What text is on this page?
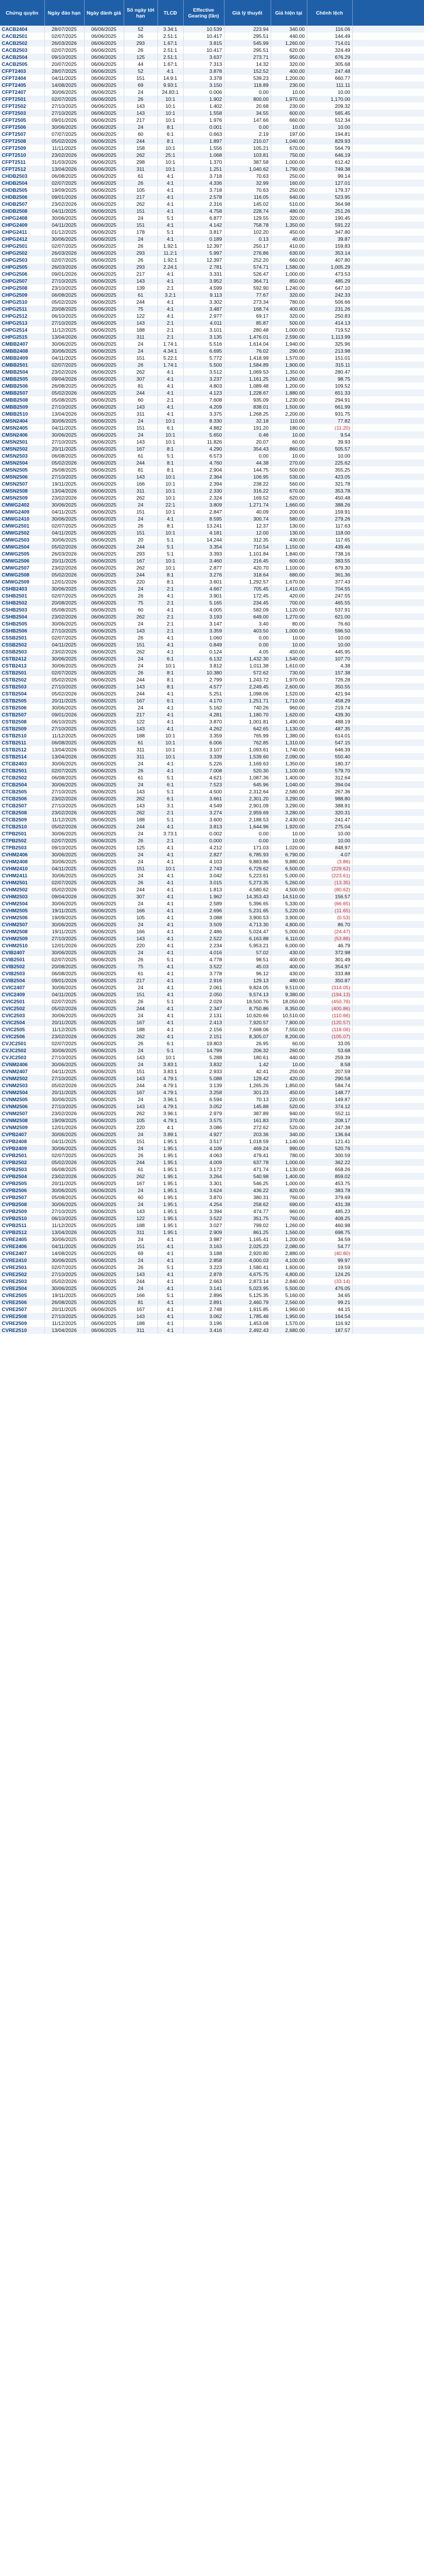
Chứng quyền	Ngày đáo hạn	Ngày đánh giá	Số ngày tới hạn	TLCĐ	Effective Gearing (lần)	Giá lý thuyết	Giá hiện tại	Chênh lệch	
CACB2404	28/07/2025	06/06/2025	52	3.34:1	10.539	223.94	340.00	116.06	
CACB2501	02/07/2025	06/06/2025	26	2.51:1	10.417	295.51	440.00	144.49	
CACB2502	26/03/2026	06/06/2025	293	1.67:1	3.815	545.99	1,260.00	714.01	
CACB2503	02/07/2025	06/06/2025	26	2.51:1	10.417	295.51	620.00	324.49	
CACB2504	09/10/2025	06/06/2025	125	2.51:1	3.637	273.71	950.00	676.29	
CACB2505	20/07/2025	06/06/2025	44	1.67:1	7.313	14.32	320.00	305.68	
CFPT2403	28/07/2025	06/06/2025	52	4:1	3.878	152.52	400.00	247.48	
CFPT2404	04/11/2025	06/06/2025	151	14.9:1	3.378	539.23	1,200.00	660.77	
CFPT2405	14/08/2025	06/06/2025	69	9.93:1	3.150	118.89	230.00	111.11	
CFPT2407	30/06/2025	06/06/2025	24	24.83:1	0.006	0.00	10.00	10.00	
CFPT2501	02/07/2025	06/06/2025	26	10:1	1.902	800.00	1,970.00	1,170.00	
CFPT2502	27/10/2025	06/06/2025	143	10:1	1.402	20.68	230.00	209.32	
CFPT2503	27/10/2025	06/06/2025	143	10:1	1.558	34.55	600.00	565.45	
CFPT2505	09/01/2026	06/06/2025	217	10:1	1.976	147.66	660.00	512.34	
CFPT2506	30/06/2025	06/06/2025	24	8:1	0.001	0.00	10.00	10.00	
CFPT2507	07/07/2025	06/06/2025	60	6:1	0.663	2.19	197.00	194.81	
CFPT2508	05/02/2026	06/06/2025	244	8:1	1.897	210.07	1,040.00	829.93	
CFPT2509	11/11/2025	06/06/2025	158	10:1	1.556	105.21	670.00	564.79	
CFPT2510	23/02/2026	06/06/2025	262	25:1	1.068	103.81	750.00	646.19	
CFPT2511	31/03/2026	06/06/2025	298	10:1	1.370	387.58	1,000.00	612.42	
CFPT2512	13/04/2026	06/06/2025	311	10:1	1.251	1,040.62	1,790.00	749.38	
CHDB2503	06/08/2025	06/06/2025	61	4:1	3.718	70.63	250.00	99.14	
CHDB2504	02/07/2025	06/06/2025	26	4:1	4.336	32.99	160.00	127.01	
CHDB2505	19/09/2025	06/06/2025	105	4:1	3.718	70.63	250.00	179.37	
CHDB2506	09/01/2026	06/06/2025	217	4:1	2.578	116.05	640.00	523.95	
CHDB2507	23/02/2026	06/06/2025	262	4:1	2.316	145.02	510.00	364.98	
CHDB2508	04/11/2025	06/06/2025	151	4:1	4.758	228.74	480.00	251.26	
CHPG2408	30/06/2025	06/06/2025	24	5:1	6.877	129.55	320.00	190.45	
CHPG2409	04/11/2025	06/06/2025	151	4:1	4.142	758.78	1,350.00	591.22	
CHPG2411	01/12/2025	06/06/2025	178	5:1	3.817	102.20	450.00	347.80	
CHPG2412	30/06/2025	06/06/2025	24	4:1	0.189	0.13	40.00	39.87	
CHPG2501	02/07/2025	06/06/2025	26	1.92:1	12.397	250.17	410.00	159.83	
CHPG2502	26/03/2026	06/06/2025	293	11.2:1	5.997	276.86	630.00	353.14	
CHPG2503	02/07/2025	06/06/2025	26	1.92:1	12.397	252.20	660.00	407.80	
CHPG2505	26/03/2026	06/06/2025	293	2.24:1	2.781	574.71	1,580.00	1,005.29	
CHPG2506	09/01/2026	06/06/2025	217	4:1	3.331	526.47	1,000.00	473.53	
CHPG2507	27/10/2025	06/06/2025	143	4:1	3.952	364.71	850.00	485.29	
CHPG2508	23/10/2025	06/06/2025	139	2:1	4.599	592.90	1,240.00	647.10	
CHPG2509	06/08/2025	06/06/2025	61	3.2:1	9.113	77.67	320.00	242.33	
CHPG2510	05/02/2026	06/06/2025	244	4:1	3.302	273.34	780.00	506.66	
CHPG2511	20/08/2025	06/06/2025	75	4:1	3.487	168.74	400.00	231.26	
CHPG2512	06/10/2025	06/06/2025	122	4:1	2.977	69.17	320.00	250.83	
CHPG2513	27/10/2025	06/06/2025	143	2:1	4.011	85.87	500.00	414.13	
CHPG2514	11/12/2025	06/06/2025	188	2:1	3.101	280.48	1,000.00	719.52	
CHPG2515	13/04/2026	06/06/2025	311	2:1	3.135	1,476.01	2,590.00	1,113.99	
CMBB2407	30/06/2025	06/06/2025	24	1.74:1	5.516	1,614.04	1,940.00	325.96	
CMBB2408	30/06/2025	06/06/2025	24	4.34:1	6.695	76.02	290.00	213.98	
CMBB2409	04/11/2025	06/06/2025	151	5.22:1	5.772	1,418.99	1,570.00	151.01	
CMBB2501	02/07/2025	06/06/2025	26	1.74:1	5.500	1,584.89	1,900.00	315.11	
CMBB2504	23/02/2026	06/06/2025	262	4:1	3.512	1,069.53	1,350.00	280.47	
CMBB2505	09/04/2026	06/06/2025	307	4:1	3.237	1,161.25	1,260.00	98.75	
CMBB2506	26/08/2025	06/06/2025	81	4:1	4.803	1,089.48	1,200.00	109.52	
CMBB2507	05/02/2026	06/06/2025	244	4:1	4.123	1,228.67	1,880.00	651.33	
CMBB2508	05/08/2025	06/06/2025	60	2:1	7.608	935.09	1,230.00	294.91	
CMBB2509	27/10/2025	06/06/2025	143	4:1	4.209	838.01	1,500.00	661.99	
CMBB2510	13/04/2026	06/06/2025	311	4:1	3.375	1,268.25	2,200.00	931.75	
CMSN2404	30/06/2025	06/06/2025	24	10:1	8.330	32.18	110.00	77.82	
CMSN2405	04/11/2025	06/06/2025	151	6:1	4.882	191.20	180.00	(11.20)	
CMSN2406	30/06/2025	06/06/2025	24	10:1	5.650	0.46	10.00	9.54	
CMSN2501	27/10/2025	06/06/2025	143	10:1	11.826	20.07	60.00	39.93	
CMSN2502	20/11/2025	06/06/2025	167	8:1	4.290	354.43	860.00	505.57	
CMSN2503	06/08/2025	06/06/2025	61	5:1	6.573	0.00	10.00	10.00	
CMSN2504	05/02/2026	06/06/2025	244	8:1	4.760	44.38	270.00	225.62	
CMSN2505	26/08/2025	06/06/2025	81	8:1	2.904	144.75	500.00	355.25	
CMSN2506	27/10/2025	06/06/2025	143	10:1	2.364	106.95	530.00	423.05	
CMSN2507	19/11/2025	06/06/2025	166	10:1	2.394	238.22	560.00	321.78	
CMSN2508	13/04/2026	06/06/2025	311	10:1	2.330	316.22	670.00	353.78	
CMSN2509	23/02/2026	06/06/2025	262	10:1	2.324	169.52	620.00	450.48	
CMWG2402	30/06/2025	06/06/2025	24	22:1	3.809	1,271.74	1,660.00	388.26	
CMWG2409	04/11/2025	06/06/2025	151	10:1	2.847	40.09	200.00	159.91	
CMWG2410	30/06/2025	06/06/2025	24	4:1	8.595	300.74	580.00	279.26	
CMWG2501	02/07/2025	06/06/2025	26	8:1	13.241	12.37	130.00	117.63	
CMWG2502	04/11/2025	06/06/2025	151	10:1	4.181	12.00	130.00	118.00	
CMWG2503	30/06/2025	06/06/2025	20	5:1	14.244	312.35	430.00	117.65	
CMWG2504	05/02/2026	06/06/2025	244	5:1	3.354	710.54	1,150.00	439.46	
CMWG2505	26/03/2026	06/06/2025	293	5:1	3.393	1,101.84	1,840.00	738.16	
CMWG2506	20/11/2025	06/06/2025	167	10:1	3.460	216.45	600.00	383.55	
CMWG2507	23/02/2026	06/06/2025	262	10:1	2.877	420.70	1,100.00	679.30	
CMWG2508	05/02/2026	06/06/2025	244	8:1	3.276	318.64	680.00	361.36	
CMWG2509	12/01/2026	06/06/2025	220	8:1	3.601	1,292.57	1,670.00	377.43	
CSHB2403	30/06/2025	06/06/2025	24	2:1	4.667	705.45	1,410.00	704.55	
CSHB2501	02/07/2025	06/06/2025	26	4:1	3.901	172.45	420.00	247.55	
CSHB2502	20/08/2025	06/06/2025	75	2:1	5.165	234.45	700.00	465.55	
CSHB2503	05/08/2025	06/06/2025	60	4:1	4.005	582.09	1,120.00	537.91	
CSHB2504	23/02/2026	06/06/2025	262	2:1	3.193	649.00	1,270.00	621.00	
CSHB2505	30/06/2025	06/06/2025	24	2:1	3.147	3.40	80.00	76.60	
CSHB2506	27/10/2025	06/06/2025	143	2:1	3.359	403.50	1,000.00	596.50	
CSSB2501	02/07/2025	06/06/2025	26	4:1	1.060	0.00	10.00	10.00	
CSSB2502	04/11/2025	06/06/2025	151	4:1	0.849	0.00	10.00	10.00	
CSSB2503	23/02/2026	06/06/2025	262	4:1	0.124	4.05	450.00	445.95	
CSTB2412	30/06/2025	06/06/2025	24	6:1	6.132	1,432.30	1,540.00	107.70	
CSTB2413	30/06/2025	06/06/2025	24	10:1	3.812	1,011.38	1,610.00	4.38	
CSTB2501	02/07/2025	06/06/2025	26	8:1	10.380	572.62	730.00	157.38	
CSTB2502	05/02/2026	06/06/2025	244	8:1	2.799	1,243.72	1,970.00	726.28	
CSTB2503	27/10/2025	06/06/2025	143	8:1	4.577	2,249.45	2,600.00	350.55	
CSTB2504	05/02/2026	06/06/2025	244	4:1	5.251	1,098.06	1,520.00	421.94	
CSTB2505	20/11/2025	06/06/2025	167	6:1	4.170	1,251.71	1,710.00	458.29	
CSTB2506	30/06/2025	06/06/2025	24	4:1	5.162	740.26	960.00	219.74	
CSTB2507	09/01/2026	06/06/2025	217	4:1	4.281	1,180.70	1,620.00	439.30	
CSTB2508	06/10/2025	06/06/2025	122	4:1	3.870	1,001.81	1,490.00	488.19	
CSTB2509	27/10/2025	06/06/2025	143	4:1	4.262	642.65	1,130.00	487.35	
CSTB2510	11/12/2025	06/06/2025	188	10:1	3.359	765.99	1,380.00	614.01	
CSTB2511	06/08/2025	06/06/2025	61	10:1	6.006	762.85	1,310.00	547.15	
CSTB2512	13/04/2026	06/06/2025	311	10:1	3.107	1,093.61	1,740.00	646.39	
CSTB2514	13/04/2026	06/06/2025	311	10:1	3.339	1,539.60	2,090.00	550.40	
CTCB2403	30/06/2025	06/06/2025	24	4:1	5.226	1,169.63	1,350.00	180.37	
CTCB2501	02/07/2025	06/06/2025	26	4:1	7.008	520.30	1,100.00	579.70	
CTCB2502	06/08/2025	06/06/2025	61	5:1	4.621	1,087.36	1,400.00	312.64	
CTCB2504	30/06/2025	06/06/2025	24	6:1	7.523	645.96	1,040.00	394.04	
CTCB2505	27/10/2025	06/06/2025	143	5:1	4.500	2,312.64	2,580.00	267.36	
CTCB2506	23/02/2026	06/06/2025	262	6:1	3.661	2,301.20	3,290.00	988.80	
CTCB2507	27/10/2025	06/06/2025	143	3:1	4.549	2,901.09	3,290.00	388.91	
CTCB2508	23/02/2026	06/06/2025	262	2:1	3.274	2,959.69	3,280.00	320.31	
CTCB2509	11/12/2025	06/06/2025	188	5:1	3.600	2,188.53	2,430.00	241.47	
CTCB2510	05/02/2026	06/06/2025	244	4:1	3.813	1,644.96	1,920.00	275.04	
CTPB2501	30/06/2025	06/06/2025	24	3.73:1	0.002	0.00	10.00	10.00	
CTPB2502	02/07/2025	06/06/2025	26	2:1	0.000	0.00	10.00	10.00	
CTPB2503	09/10/2025	06/06/2025	125	4:1	4.212	171.03	1,020.00	848.97	
CVHM2406	30/06/2025	06/06/2025	24	4:1	2.827	6,785.93	6,790.00	4.07	
CVHM2408	30/06/2025	06/06/2025	24	4:1	4.103	9,883.86	9,880.00	(3.86)	
CVHM2410	04/11/2025	06/06/2025	151	10:1	2.743	6,729.62	6,500.00	(229.62)	
CVHM2411	30/06/2025	06/06/2025	24	4:1	3.042	5,223.61	5,000.00	(223.61)	
CVHM2501	02/07/2025	06/06/2025	26	4:1	3.015	5,273.35	5,260.00	(13.35)	
CVHM2502	05/02/2026	06/06/2025	244	4:1	1.813	4,580.62	4,500.00	(80.62)	
CVHM2503	09/04/2026	06/06/2025	307	4:1	1.962	14,353.43	14,510.00	156.57	
CVHM2504	30/06/2025	06/06/2025	24	4:1	2.589	5,396.65	5,330.00	(66.65)	
CVHM2505	19/11/2025	06/06/2025	166	4:1	2.696	5,231.65	5,220.00	(11.65)	
CVHM2506	19/09/2025	06/06/2025	105	4:1	3.088	3,900.53	3,900.00	(0.53)	
CVHM2507	30/06/2025	06/06/2025	24	4:1	3.509	4,713.30	4,800.00	86.70	
CVHM2508	19/11/2025	06/06/2025	166	4:1	2.486	5,024.47	5,000.00	(24.47)	
CVHM2509	27/10/2025	06/06/2025	143	4:1	2.522	6,163.88	6,110.00	(53.88)	
CVHM2510	12/01/2026	06/06/2025	220	4:1	2.234	5,953.21	6,000.00	46.79	
CVIB2407	30/06/2025	06/06/2025	24	4:1	4.016	57.02	430.00	372.98	
CVIB2501	02/07/2025	06/06/2025	26	5:1	4.778	98.51	400.00	301.49	
CVIB2502	20/08/2025	06/06/2025	75	4:1	3.522	45.03	400.00	354.97	
CVIB2503	06/08/2025	06/06/2025	61	4:1	3.778	96.12	430.00	333.88	
CVIB2504	09/01/2026	06/06/2025	217	4:1	2.916	129.13	480.00	350.87	
CVIC2407	30/06/2025	06/06/2025	24	4:1	2.061	9,824.05	9,510.00	(314.05)	
CVIC2409	04/11/2025	06/06/2025	151	4:1	2.050	9,574.13	9,380.00	(194.13)	
CVIC2501	02/07/2025	06/06/2025	26	5:1	2.029	18,500.76	18,050.00	(450.76)	
CVIC2502	05/02/2026	06/06/2025	244	4:1	2.347	8,750.86	8,350.00	(400.86)	
CVIC2503	30/06/2025	06/06/2025	24	4:1	2.131	10,620.66	10,510.00	(110.66)	
CVIC2504	20/11/2025	06/06/2025	167	4:1	2.413	7,920.57	7,800.00	(120.57)	
CVIC2505	11/12/2025	06/06/2025	188	4:1	2.156	7,668.06	7,550.00	(118.06)	
CVIC2506	23/02/2026	06/06/2025	262	4:1	2.151	8,305.07	8,200.00	(105.07)	
CVJC2501	02/07/2025	06/06/2025	26	6:1	19.803	26.95	60.00	33.05	
CVJC2502	30/06/2025	06/06/2025	24	5:1	14.799	206.32	260.00	53.68	
CVJC2503	27/10/2025	06/06/2025	143	10:1	5.288	180.61	440.00	259.39	
CVNM2406	30/06/2025	06/06/2025	24	3.83:1	3.832	1.42	10.00	8.58	
CVNM2407	04/11/2025	06/06/2025	151	3.83:1	2.933	42.41	250.00	207.59	
CVNM2502	27/10/2025	06/06/2025	143	4.79:1	5.088	129.42	420.00	290.58	
CVNM2503	05/02/2026	06/06/2025	244	4.79:1	3.139	1,265.26	1,850.00	584.74	
CVNM2504	20/11/2025	06/06/2025	167	4.79:1	3.258	301.23	450.00	148.77	
CVNM2505	30/06/2025	06/06/2025	24	3.96:1	6.594	70.13	220.00	149.87	
CVNM2506	27/10/2025	06/06/2025	143	4.79:1	3.052	145.88	520.00	374.12	
CVNM2507	23/02/2026	06/06/2025	262	3.96:1	2.979	387.89	940.00	552.11	
CVNM2508	19/09/2025	06/06/2025	105	4.79:1	3.575	161.83	370.00	208.17	
CVNM2509	12/01/2026	06/06/2025	220	4:1	3.086	272.62	520.00	247.38	
CVPB2407	30/06/2025	06/06/2025	24	3.89:1	4.927	203.36	340.00	136.64	
CVPB2408	04/11/2025	06/06/2025	151	1.95:1	3.517	1,018.59	1,140.00	121.41	
CVPB2409	30/06/2025	06/06/2025	24	1.95:1	4.109	469.24	990.00	520.76	
CVPB2501	02/07/2025	06/06/2025	26	1.95:1	4.063	479.41	780.00	300.59	
CVPB2502	05/02/2026	06/06/2025	244	1.95:1	4.009	637.78	1,000.00	362.22	
CVPB2503	06/08/2025	06/06/2025	61	1.95:1	3.172	471.74	1,130.00	658.26	
CVPB2504	23/02/2026	06/06/2025	262	1.95:1	3.264	540.98	1,400.00	859.02	
CVPB2505	20/11/2025	06/06/2025	167	1.95:1	3.301	546.25	1,000.00	453.75	
CVPB2506	30/06/2025	06/06/2025	24	1.95:1	3.624	436.22	820.00	383.78	
CVPB2507	05/08/2025	06/06/2025	60	1.95:1	3.870	380.31	760.00	379.69	
CVPB2508	30/06/2025	06/06/2025	24	1.95:1	4.254	258.62	690.00	431.38	
CVPB2509	27/10/2025	06/06/2025	143	1.95:1	3.394	474.77	960.00	485.23	
CVPB2510	06/10/2025	06/06/2025	122	1.95:1	3.522	351.75	760.00	408.25	
CVPB2511	11/12/2025	06/06/2025	188	1.95:1	3.027	799.02	1,260.00	460.98	
CVPB2512	13/04/2026	06/06/2025	311	1.95:1	2.909	861.25	1,560.00	698.75	
CVRE2405	30/06/2025	06/06/2025	24	4:1	3.987	1,165.41	1,200.00	34.59	
CVRE2406	04/11/2025	06/06/2025	151	4:1	3.163	2,025.23	2,080.00	54.77	
CVRE2407	14/08/2025	06/06/2025	69	4:1	3.188	2,920.80	2,880.00	(40.80)	
CVRE2410	30/06/2025	06/06/2025	24	4:1	2.858	4,000.03	4,100.00	99.97	
CVRE2501	02/07/2025	06/06/2025	26	5:1	3.223	1,580.41	1,600.00	19.59	
CVRE2502	27/10/2025	06/06/2025	143	4:1	2.878	4,675.75	4,800.00	124.25	
CVRE2503	05/02/2026	06/06/2025	244	4:1	2.663	2,873.14	2,840.00	(33.14)	
CVRE2504	30/06/2025	06/06/2025	24	4:1	3.141	5,023.95	5,500.00	476.05	
CVRE2505	19/11/2025	06/06/2025	166	5:1	2.896	5,125.35	5,160.00	34.65	
CVRE2506	26/08/2025	06/06/2025	81	4:1	2.891	2,460.79	2,560.00	99.21	
CVRE2507	20/11/2025	06/06/2025	167	4:1	2.748	1,915.85	1,960.00	44.15	
CVRE2508	27/10/2025	06/06/2025	143	4:1	3.062	1,785.46	1,950.00	164.54	
CVRE2509	11/12/2025	06/06/2025	188	4:1	3.196	1,453.08	1,570.00	116.92	
CVRE2510	13/04/2026	06/06/2025	311	4:1	3.416	2,492.43	2,680.00	187.57	
